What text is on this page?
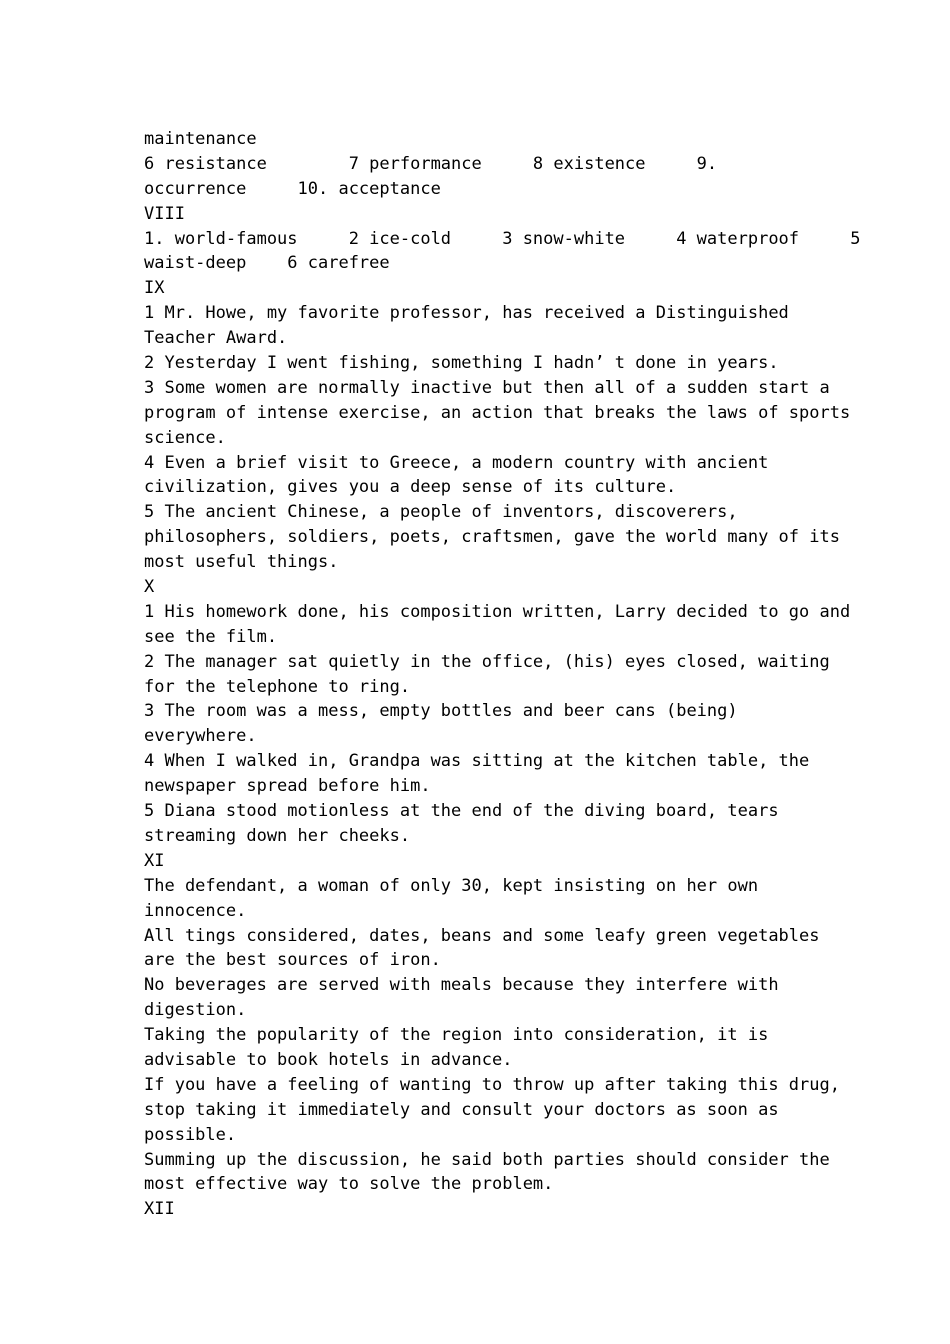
maintenance
6 resistance        7 performance     8 existence     9.
occurrence     10. acceptance
VIII
1. world-famous     2 ice-cold     3 snow-white     4 waterproof     5
waist-deep    6 carefree
IX
1 Mr. Howe, my favorite professor, has received a Distinguished
Teacher Award.
2 Yesterday I went fishing, something I hadn’ t done in years.
3 Some women are normally inactive but then all of a sudden start a
program of intense exercise, an action that breaks the laws of sports
science.
4 Even a brief visit to Greece, a modern country with ancient
civilization, gives you a deep sense of its culture.
5 The ancient Chinese, a people of inventors, discoverers,
philosophers, soldiers, poets, craftsmen, gave the world many of its
most useful things.
X
1 His homework done, his composition written, Larry decided to go and
see the film.
2 The manager sat quietly in the office, (his) eyes closed, waiting
for the telephone to ring.
3 The room was a mess, empty bottles and beer cans (being)
everywhere.
4 When I walked in, Grandpa was sitting at the kitchen table, the
newspaper spread before him.
5 Diana stood motionless at the end of the diving board, tears
streaming down her cheeks.
XI
The defendant, a woman of only 30, kept insisting on her own
innocence.
All tings considered, dates, beans and some leafy green vegetables
are the best sources of iron.
No beverages are served with meals because they interfere with
digestion.
Taking the popularity of the region into consideration, it is
advisable to book hotels in advance.
If you have a feeling of wanting to throw up after taking this drug,
stop taking it immediately and consult your doctors as soon as
possible.
Summing up the discussion, he said both parties should consider the
most effective way to solve the problem.
XII
